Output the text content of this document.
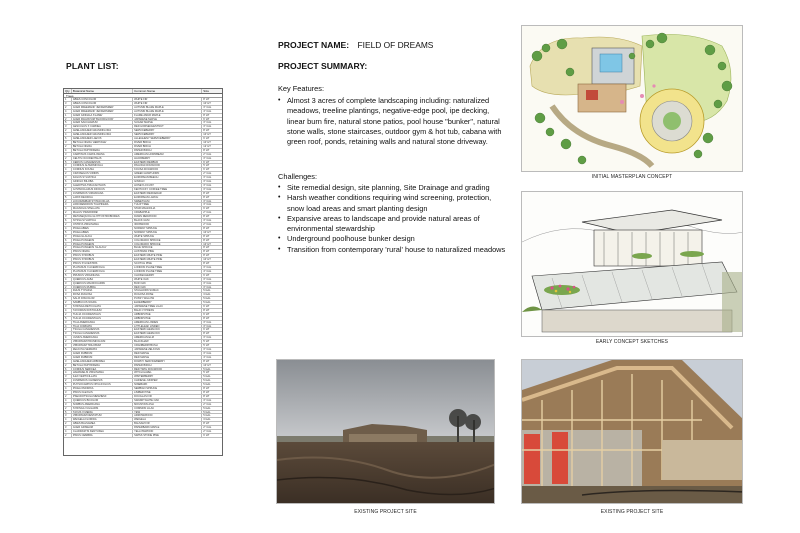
PLANT LIST:
Qty	Botanical Name	Common Name	Size
Trees
1	ABIES CONCOLOR	WHITE FIR	8' HT
3	ABIES CONCOLOR	WHITE FIR	10' HT
2	ACER FREEMANII 'JEFFERSRED'	AUTUMN BLAZE MAPLE	3" CAL
4	ACER FREEMANII 'JEFFERSRED'	AUTUMN BLAZE MAPLE	4" CAL
1	ACER GINNALA 'FLAME'	FLAME AMUR MAPLE	8' HT
2	ACER PALMATUM 'BLOODGOOD'	JAPANESE MAPLE	6' HT
5	ACER SACCHARUM	SUGAR MAPLE	3" CAL
3	AESCULUS X CARNEA	RED HORSECHESTNUT	3" CAL
2	AMELANCHIER GRANDIFLORA	SERVICEBERRY	8' HT
4	AMELANCHIER GRANDIFLORA	SERVICEBERRY	10' HT
6	AMELANCHIER LAEVIS	ALLEGHENY SERVICEBERRY	6' HT
3	BETULA NIGRA 'HERITAGE'	RIVER BIRCH	10' HT
2	BETULA NIGRA	RIVER BIRCH	12' HT
4	BETULA PAPYRIFERA	PAPER BIRCH	8' HT
3	CARPINUS CAROLINIANA	AMERICAN HORNBEAM	2" CAL
2	CELTIS OCCIDENTALIS	HACKBERRY	3" CAL
5	CERCIS CANADENSIS	EASTERN REDBUD	6' HT
3	CORNUS ALTERNIFOLIA	PAGODA DOGWOOD	5' HT
4	CORNUS KOUSA	KOUSA DOGWOOD	6' HT
2	CRATAEGUS VIRIDIS	GREEN HAWTHORN	2" CAL
3	FAGUS SYLVATICA	EUROPEAN BEECH	3" CAL
6	GINKGO BILOBA	GINKGO	3" CAL
2	GLEDITSIA TRIACANTHOS	HONEYLOCUST	3" CAL
4	GYMNOCLADUS DIOICUS	KENTUCKY COFFEE TREE	3" CAL
3	JUNIPERUS VIRGINIANA	EASTERN REDCEDAR	8' HT
5	LARIX DECIDUA	EUROPEAN LARCH	8' HT
2	LIQUIDAMBAR STYRACIFLUA	SWEETGUM	3" CAL
3	LIRIODENDRON TULIPIFERA	TULIP TREE	3" CAL
4	MAGNOLIA STELLATA	STAR MAGNOLIA	6' HT
2	MALUS 'PRAIRIFIRE'	CRABAPPLE	2" CAL
3	METASEQUOIA GLYPTOSTROBOIDES	DAWN REDWOOD	8' HT
6	NYSSA SYLVATICA	BLACK GUM	3" CAL
2	OSTRYA VIRGINIANA	IRONWOOD	2" CAL
4	PICEA ABIES	NORWAY SPRUCE	8' HT
5	PICEA ABIES	NORWAY SPRUCE	10' HT
3	PICEA GLAUCA	WHITE SPRUCE	8' HT
6	PICEA PUNGENS	COLORADO SPRUCE	8' HT
4	PICEA PUNGENS	COLORADO SPRUCE	10' HT
2	PICEA PUNGENS 'GLAUCA'	BLUE SPRUCE	8' HT
5	PINUS NIGRA	AUSTRIAN PINE	8' HT
3	PINUS STROBUS	EASTERN WHITE PINE	8' HT
4	PINUS STROBUS	EASTERN WHITE PINE	10' HT
2	PINUS SYLVESTRIS	SCOTCH PINE	8' HT
3	PLATANUS X ACERIFOLIA	LONDON PLANE TREE	3" CAL
2	PLATANUS X ACERIFOLIA	LONDON PLANE TREE	4" CAL
5	PRUNUS VIRGINIANA	CHOKECHERRY	6' HT
4	QUERCUS ALBA	WHITE OAK	3" CAL
3	QUERCUS MACROCARPA	BUR OAK	3" CAL
2	QUERCUS RUBRA	RED OAK	3" CAL
4	RHUS TYPHINA	STAGHORN SUMAC	5 GAL
3	ROSA RUGOSA	RUGOSA ROSE	3 GAL
6	SALIX DISCOLOR	PUSSY WILLOW	5 GAL
2	SAMBUCUS NIGRA	ELDERBERRY	5 GAL
3	SYRINGA RETICULATA	JAPANESE TREE LILAC	6' HT
4	TAXODIUM DISTICHUM	BALD CYPRESS	8' HT
2	THUJA OCCIDENTALIS	ARBORVITAE	6' HT
5	THUJA OCCIDENTALIS	ARBORVITAE	8' HT
3	TILIA AMERICANA	AMERICAN LINDEN	3" CAL
4	TILIA CORDATA	LITTLELEAF LINDEN	3" CAL
2	TSUGA CANADENSIS	EASTERN HEMLOCK	6' HT
3	TSUGA CANADENSIS	EASTERN HEMLOCK	8' HT
4	ULMUS AMERICANA	AMERICAN ELM	3" CAL
2	VIBURNUM PRUNIFOLIUM	BLACKHAW	5' HT
3	VIBURNUM TRILOBUM	CRANBERRYBUSH	5' HT
5	ZELKOVA SERRATA	JAPANESE ZELKOVA	3" CAL
2	ACER RUBRUM	RED MAPLE	3" CAL
4	ACER RUBRUM	RED MAPLE	4" CAL
3	AMELANCHIER ARBOREA	DOWNY SERVICEBERRY	8' HT
2	BETULA PAPYRIFERA	PAPER BIRCH	10' HT
6	CORNUS SERICEA	RED TWIG DOGWOOD	5 GAL
4	HAMAMELIS VIRGINIANA	WITCH HAZEL	5' HT
3	ILEX VERTICILLATA	WINTERBERRY	5 GAL
2	JUNIPERUS CHINENSIS	CHINESE JUNIPER	5 GAL
5	PHYSOCARPUS OPULIFOLIUS	NINEBARK	5 GAL
4	PICEA OMORIKA	SERBIAN SPRUCE	8' HT
3	PINUS FLEXILIS	LIMBER PINE	8' HT
2	PSEUDOTSUGA MENZIESII	DOUGLAS FIR	8' HT
4	QUERCUS BICOLOR	SWAMP WHITE OAK	3" CAL
3	SORBUS AMERICANA	MOUNTAIN ASH	2" CAL
2	SYRINGA VULGARIS	COMMON LILAC	5 GAL
5	TAXUS X MEDIA	YEW	5 GAL
3	VIBURNUM DENTATUM	ARROWWOOD	5 GAL
4	WEIGELA FLORIDA	WEIGELA	3 GAL
2	ABIES BALSAMEA	BALSAM FIR	8' HT
3	ACER GRISEUM	PAPERBARK MAPLE	2" CAL
4	CLADRASTIS KENTUKEA	YELLOWWOOD	2" CAL
2	PINUS CEMBRA	SWISS STONE PINE	6' HT
PROJECT NAME: FIELD OF DREAMS
PROJECT SUMMARY:
Key Features:
• Almost 3 acres of complete landscaping including: naturalized meadows, treeline plantings, negative-edge pool, ipe decking, linear burn fire, natural stone patios, pool house "bunker", natural stone walls, stone staircases, outdoor gym & hot tub, cabana with green roof, ponds, retaining walls and natural stone driveway.
Challenges:
• Site remedial design, site planning, Site Drainage and grading
• Harsh weather conditions requiring wind screening, protection, snow load areas and smart planting design
• Expansive areas to landscape and provide natural areas of environmental stewardship
• Underground poolhouse bunker design
• Transition from contemporary 'rural' house to naturalized meadows
INITIAL MASTERPLAN CONCEPT
EARLY CONCEPT SKETCHES
EXISTING PROJECT SITE	EXISTING PROJECT SITE
